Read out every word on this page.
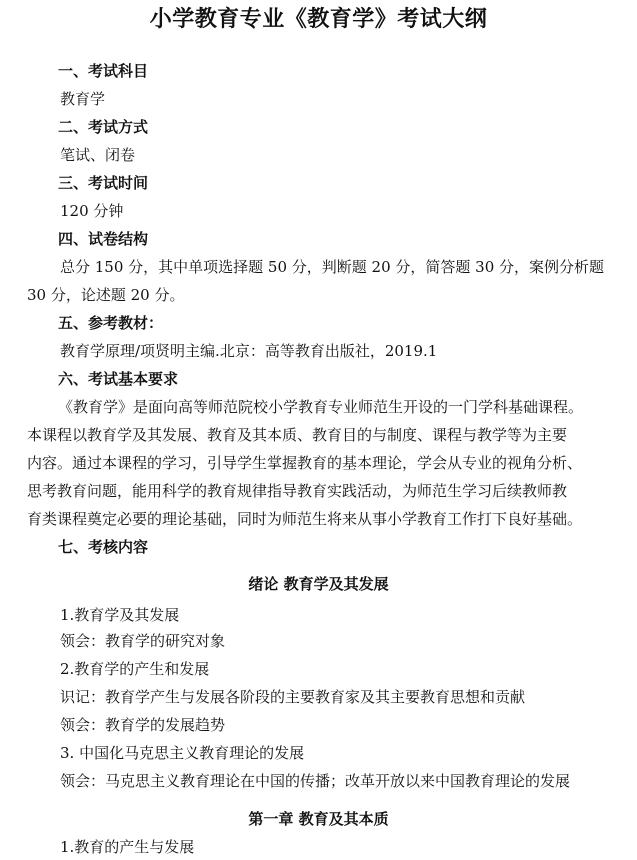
小学教育专业《教育学》考试大纲
一、考试科目
教育学
二、考试方式
笔试、闭卷
三、考试时间
120 分钟
四、试卷结构
总分 150 分，其中单项选择题 50 分，判断题 20 分，简答题 30 分，案例分析题
30 分，论述题 20 分。
五、参考教材：
教育学原理/项贤明主编.北京：高等教育出版社，2019.1
六、考试基本要求
《教育学》是面向高等师范院校小学教育专业师范生开设的一门学科基础课程。
本课程以教育学及其发展、教育及其本质、教育目的与制度、课程与教学等为主要
内容。通过本课程的学习，引导学生掌握教育的基本理论，学会从专业的视角分析、
思考教育问题，能用科学的教育规律指导教育实践活动，为师范生学习后续教师教
育类课程奠定必要的理论基础，同时为师范生将来从事小学教育工作打下良好基础。
七、考核内容
绪论 教育学及其发展
1.教育学及其发展
领会：教育学的研究对象
2.教育学的产生和发展
识记：教育学产生与发展各阶段的主要教育家及其主要教育思想和贡献
领会：教育学的发展趋势
3. 中国化马克思主义教育理论的发展
领会：马克思主义教育理论在中国的传播；改革开放以来中国教育理论的发展
第一章 教育及其本质
1.教育的产生与发展
